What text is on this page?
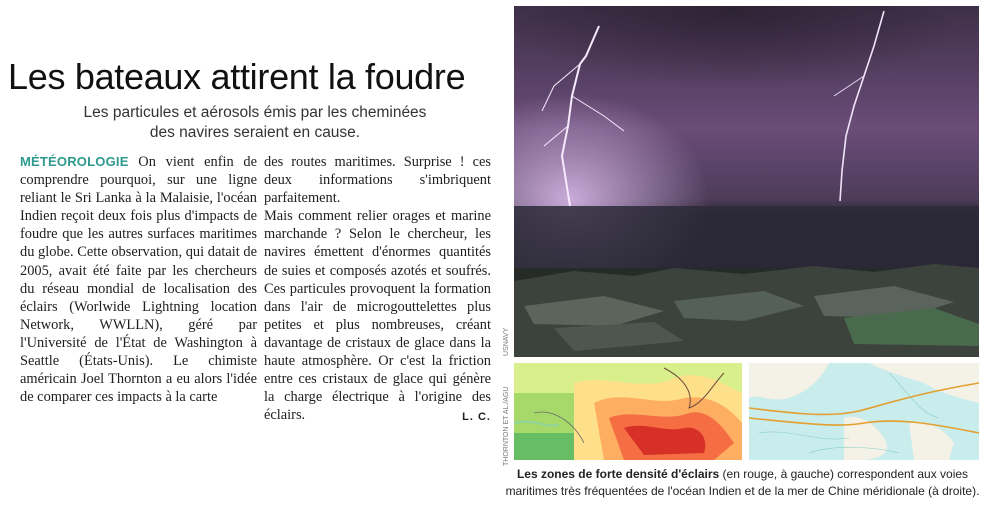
Les bateaux attirent la foudre
Les particules et aérosols émis par les cheminées
des navires seraient en cause.

MÉTÉOROLOGIE On vient enfin de comprendre pourquoi, sur une ligne reliant le Sri Lanka à la Malaisie, l'océan Indien reçoit deux fois plus d'impacts de foudre que les autres surfaces maritimes du globe. Cette observation, qui datait de 2005, avait été faite par les chercheurs du réseau mondial de localisation des éclairs (Worlwide Lightning location Network, WWLLN), géré par l'Université de l'État de Washington à Seattle (États-Unis). Le chimiste américain Joel Thornton a eu alors l'idée de comparer ces impacts à la carte

des routes maritimes. Surprise ! ces deux informations s'imbriquent parfaitement.

Mais comment relier orages et marine marchande ? Selon le chercheur, les navires émettent d'énormes quantités de suies et composés azotés et soufrés. Ces particules provoquent la formation dans l'air de microgouttelettes plus petites et plus nombreuses, créant davantage de cristaux de glace dans la haute atmosphère. Or c'est la friction entre ces cristaux de glace qui génère la charge électrique à l'origine des éclairs.	L. C.

USNAVY
THORNTON ET AL./AGU
Les zones de forte densité d'éclairs (en rouge, à gauche) correspondent aux voies maritimes très fréquentées de l'océan Indien et de la mer de Chine méridionale (à droite).
